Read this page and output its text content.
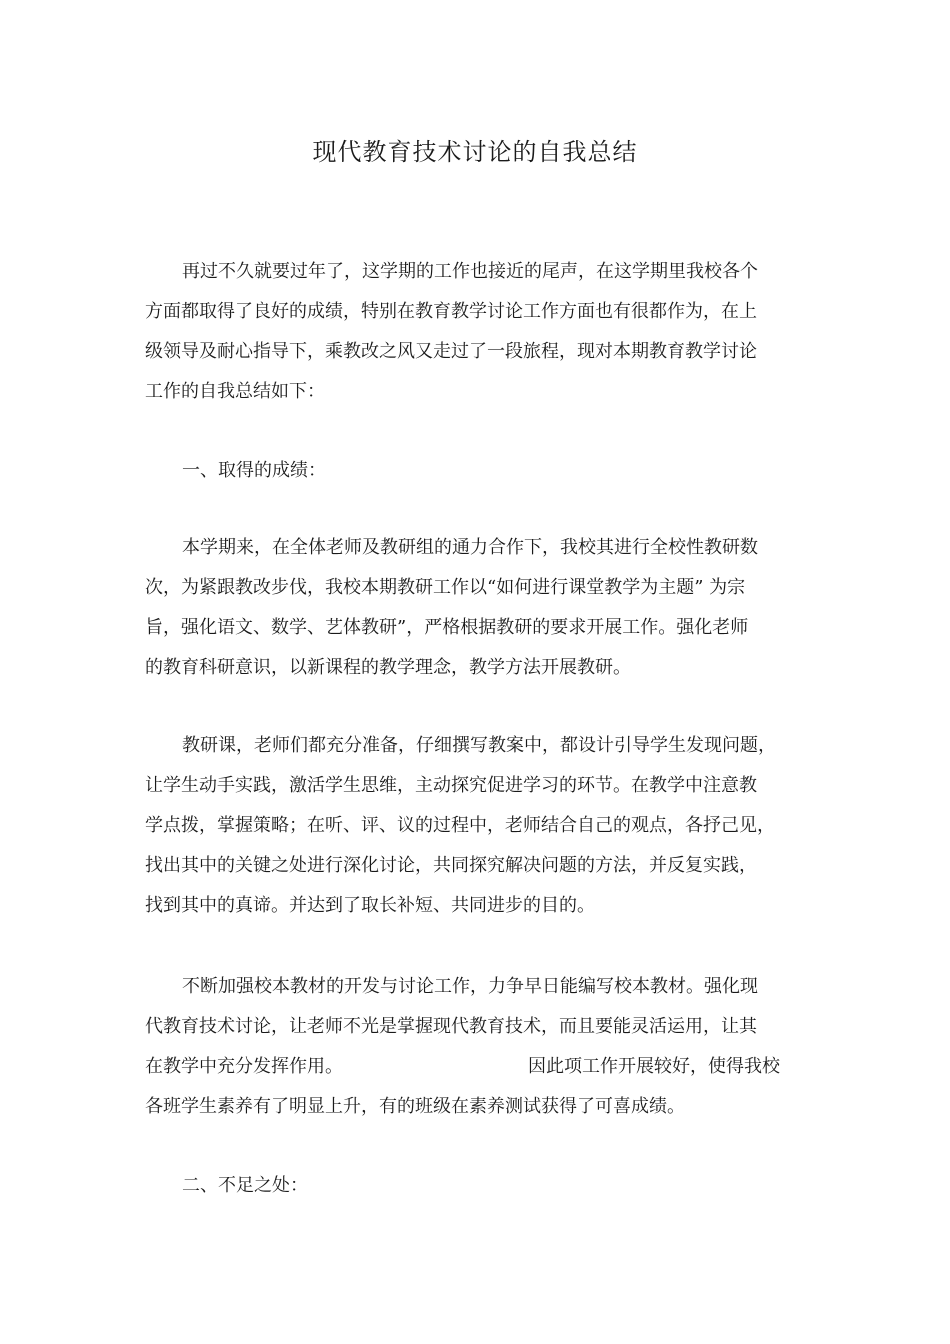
现代教育技术讨论的自我总结
再过不久就要过年了，这学期的工作也接近的尾声，在这学期里我校各个
方面都取得了良好的成绩，特别在教育教学讨论工作方面也有很都作为，在上
级领导及耐心指导下，乘教改之风又走过了一段旅程，现对本期教育教学讨论
工作的自我总结如下：
一、取得的成绩：
本学期来，在全体老师及教研组的通力合作下，我校其进行全校性教研数
次，为紧跟教改步伐，我校本期教研工作以“如何进行课堂教学为主题” 为宗
旨，强化语文、数学、艺体教研”，严格根据教研的要求开展工作。强化老师
的教育科研意识，以新课程的教学理念，教学方法开展教研。
教研课，老师们都充分准备，仔细撰写教案中，都设计引导学生发现问题，
让学生动手实践，激活学生思维，主动探究促进学习的环节。在教学中注意教
学点拨，掌握策略；在听、评、议的过程中，老师结合自己的观点，各抒己见，
找出其中的关键之处进行深化讨论，共同探究解决问题的方法，并反复实践，
找到其中的真谛。并达到了取长补短、共同进步的目的。
不断加强校本教材的开发与讨论工作，力争早日能编写校本教材。强化现
代教育技术讨论，让老师不光是掌握现代教育技术，而且要能灵活运用，让其
在教学中充分发挥作用。	因此项工作开展较好，使得我校
各班学生素养有了明显上升，有的班级在素养测试获得了可喜成绩。
二、不足之处：
